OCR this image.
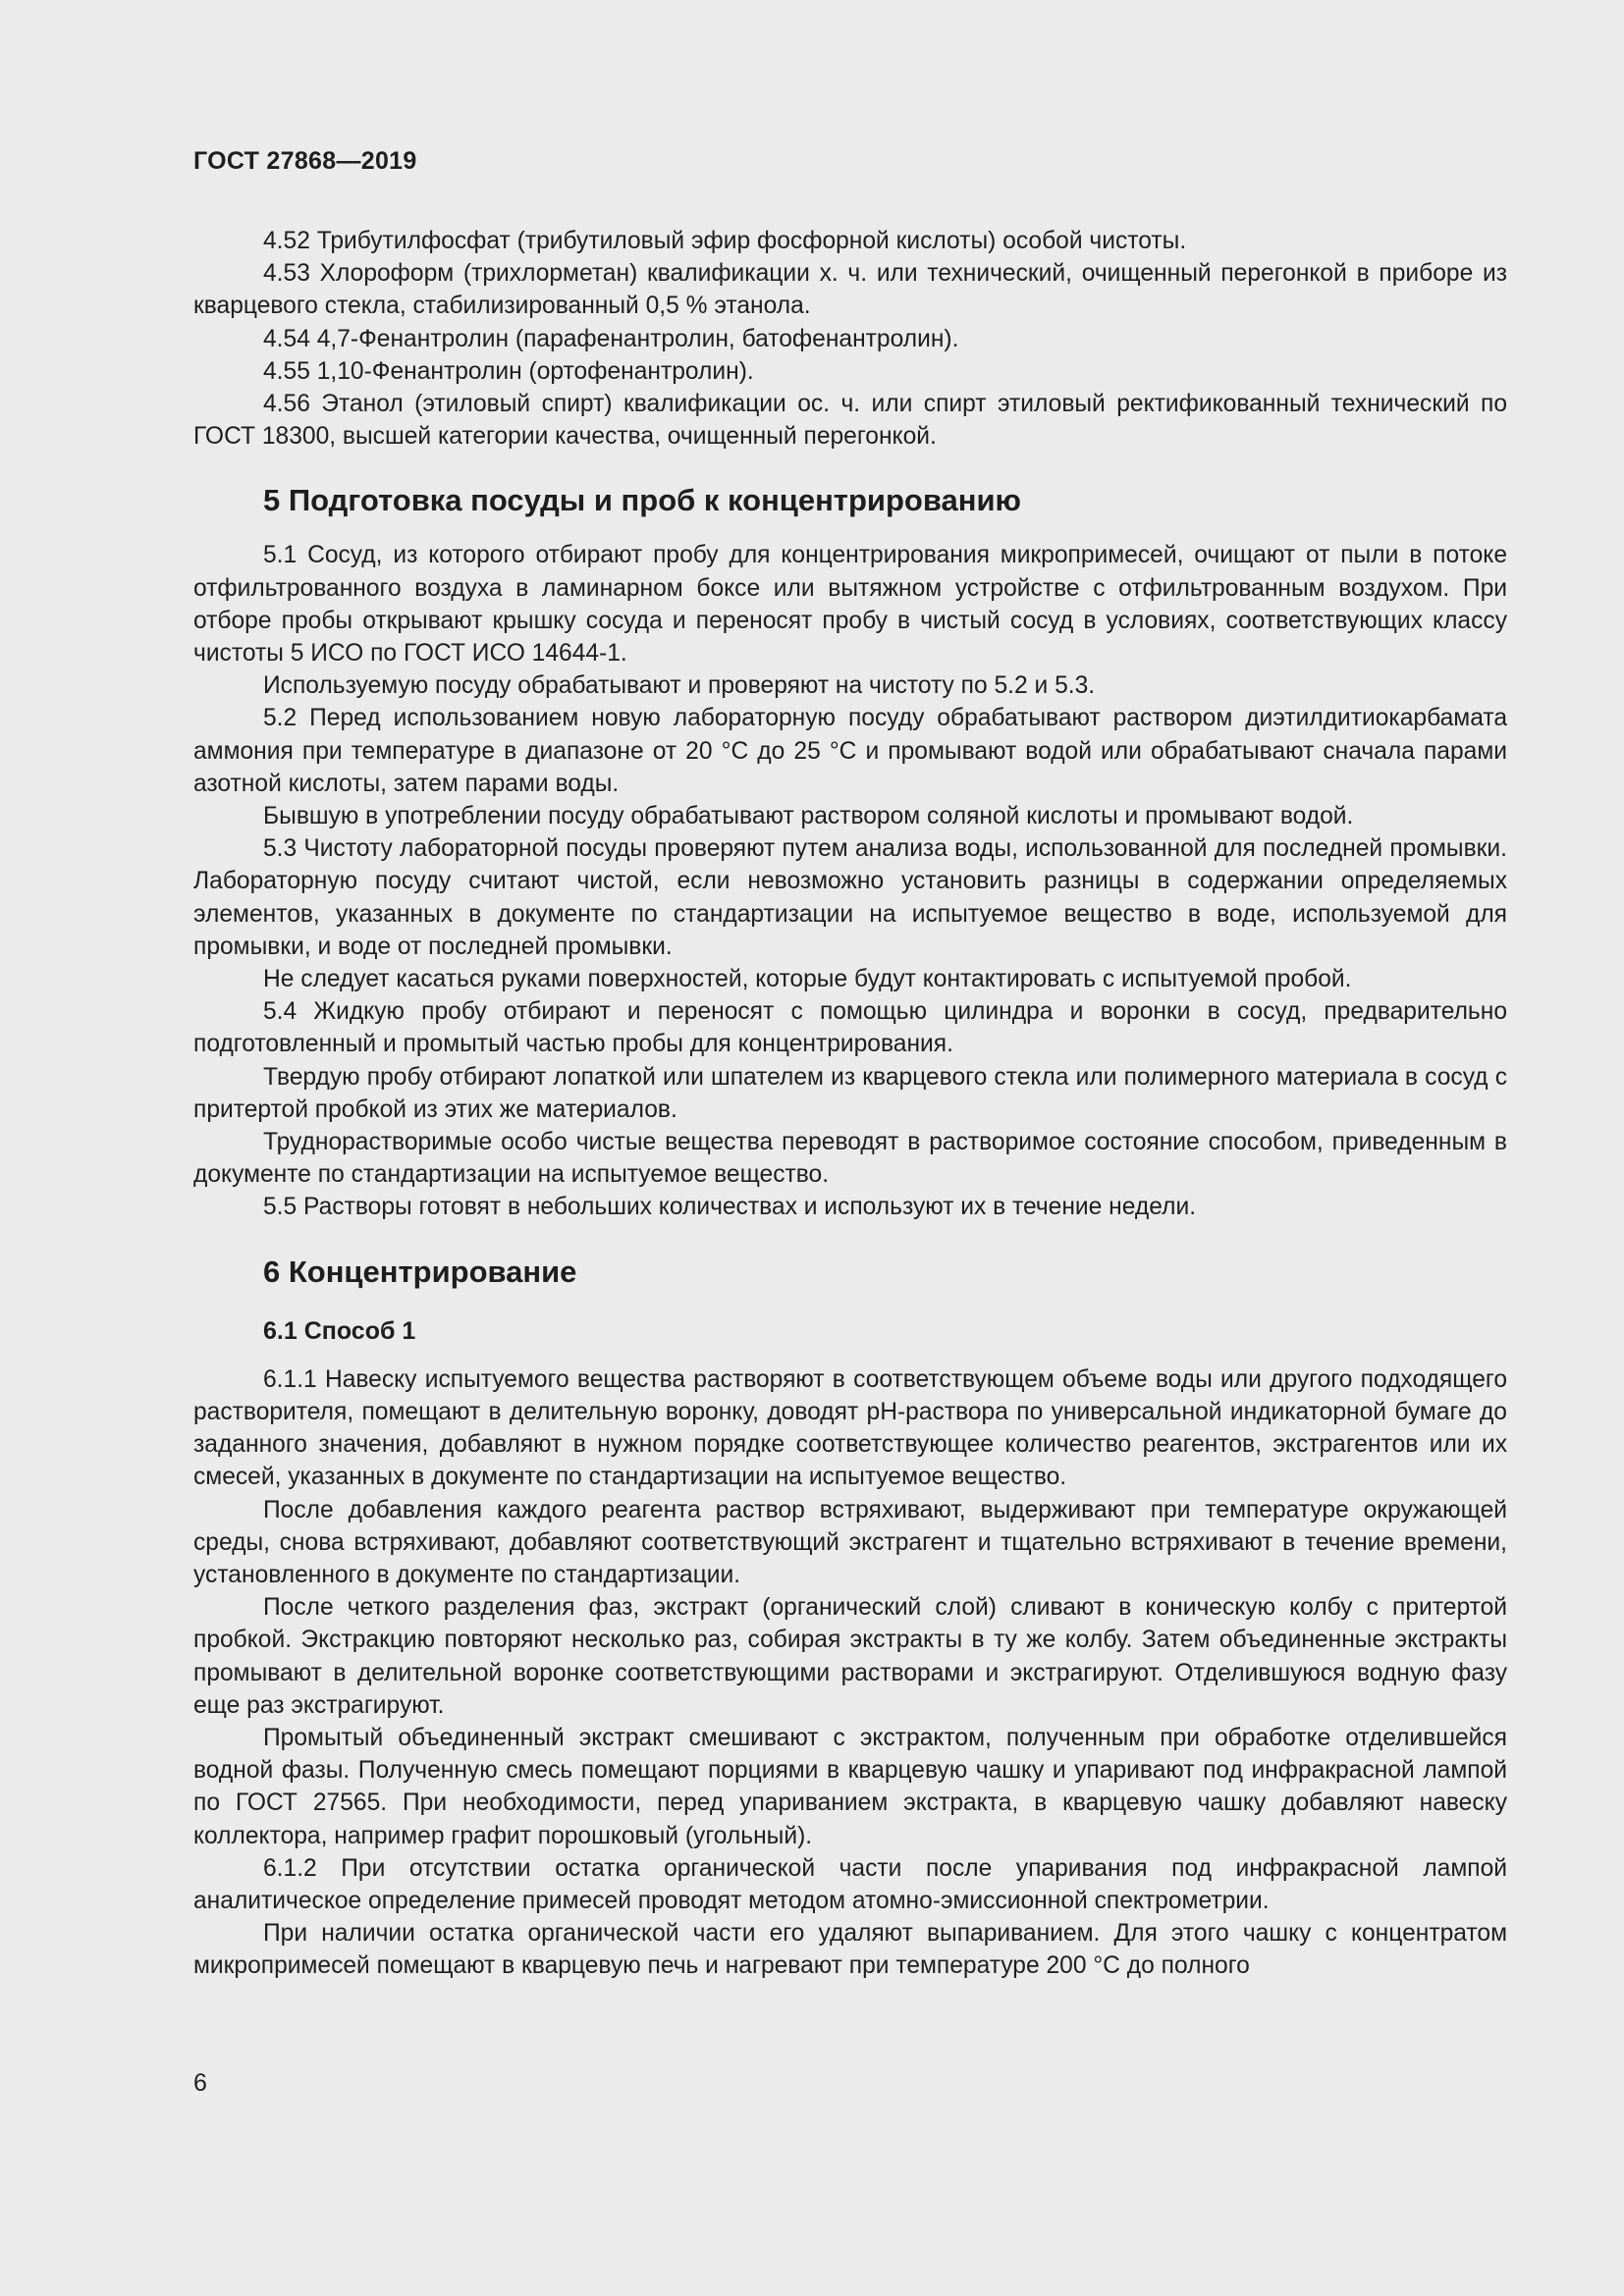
ГОСТ 27868—2019

4.52 Трибутилфосфат (трибутиловый эфир фосфорной кислоты) особой чистоты.

4.53 Хлороформ (трихлорметан) квалификации х. ч. или технический, очищенный перегонкой в приборе из кварцевого стекла, стабилизированный 0,5 % этанола.

4.54 4,7-Фенантролин (парафенантролин, батофенантролин).

4.55 1,10-Фенантролин (ортофенантролин).

4.56 Этанол (этиловый спирт) квалификации ос. ч. или спирт этиловый ректификованный технический по ГОСТ 18300, высшей категории качества, очищенный перегонкой.

5 Подготовка посуды и проб к концентрированию

5.1 Сосуд, из которого отбирают пробу для концентрирования микропримесей, очищают от пыли в потоке отфильтрованного воздуха в ламинарном боксе или вытяжном устройстве с отфильтрованным воздухом. При отборе пробы открывают крышку сосуда и переносят пробу в чистый сосуд в условиях, соответствующих классу чистоты 5 ИСО по ГОСТ ИСО 14644-1.

Используемую посуду обрабатывают и проверяют на чистоту по 5.2 и 5.3.

5.2 Перед использованием новую лабораторную посуду обрабатывают раствором диэтилдитиокарбамата аммония при температуре в диапазоне от 20 °C до 25 °C и промывают водой или обрабатывают сначала парами азотной кислоты, затем парами воды.

Бывшую в употреблении посуду обрабатывают раствором соляной кислоты и промывают водой.

5.3 Чистоту лабораторной посуды проверяют путем анализа воды, использованной для последней промывки. Лабораторную посуду считают чистой, если невозможно установить разницы в содержании определяемых элементов, указанных в документе по стандартизации на испытуемое вещество в воде, используемой для промывки, и воде от последней промывки.

Не следует касаться руками поверхностей, которые будут контактировать с испытуемой пробой.

5.4 Жидкую пробу отбирают и переносят с помощью цилиндра и воронки в сосуд, предварительно подготовленный и промытый частью пробы для концентрирования.

Твердую пробу отбирают лопаткой или шпателем из кварцевого стекла или полимерного материала в сосуд с притертой пробкой из этих же материалов.

Труднорастворимые особо чистые вещества переводят в растворимое состояние способом, приведенным в документе по стандартизации на испытуемое вещество.

5.5 Растворы готовят в небольших количествах и используют их в течение недели.

6 Концентрирование
6.1 Способ 1

6.1.1 Навеску испытуемого вещества растворяют в соответствующем объеме воды или другого подходящего растворителя, помещают в делительную воронку, доводят pH-раствора по универсальной индикаторной бумаге до заданного значения, добавляют в нужном порядке соответствующее количество реагентов, экстрагентов или их смесей, указанных в документе по стандартизации на испытуемое вещество.

После добавления каждого реагента раствор встряхивают, выдерживают при температуре окружающей среды, снова встряхивают, добавляют соответствующий экстрагент и тщательно встряхивают в течение времени, установленного в документе по стандартизации.

После четкого разделения фаз, экстракт (органический слой) сливают в коническую колбу с притертой пробкой. Экстракцию повторяют несколько раз, собирая экстракты в ту же колбу. Затем объединенные экстракты промывают в делительной воронке соответствующими растворами и экстрагируют. Отделившуюся водную фазу еще раз экстрагируют.

Промытый объединенный экстракт смешивают с экстрактом, полученным при обработке отделившейся водной фазы. Полученную смесь помещают порциями в кварцевую чашку и упаривают под инфракрасной лампой по ГОСТ 27565. При необходимости, перед упариванием экстракта, в кварцевую чашку добавляют навеску коллектора, например графит порошковый (угольный).

6.1.2 При отсутствии остатка органической части после упаривания под инфракрасной лампой аналитическое определение примесей проводят методом атомно-эмиссионной спектрометрии.

При наличии остатка органической части его удаляют выпариванием. Для этого чашку с концентратом микропримесей помещают в кварцевую печь и нагревают при температуре 200 °C до полного

6
